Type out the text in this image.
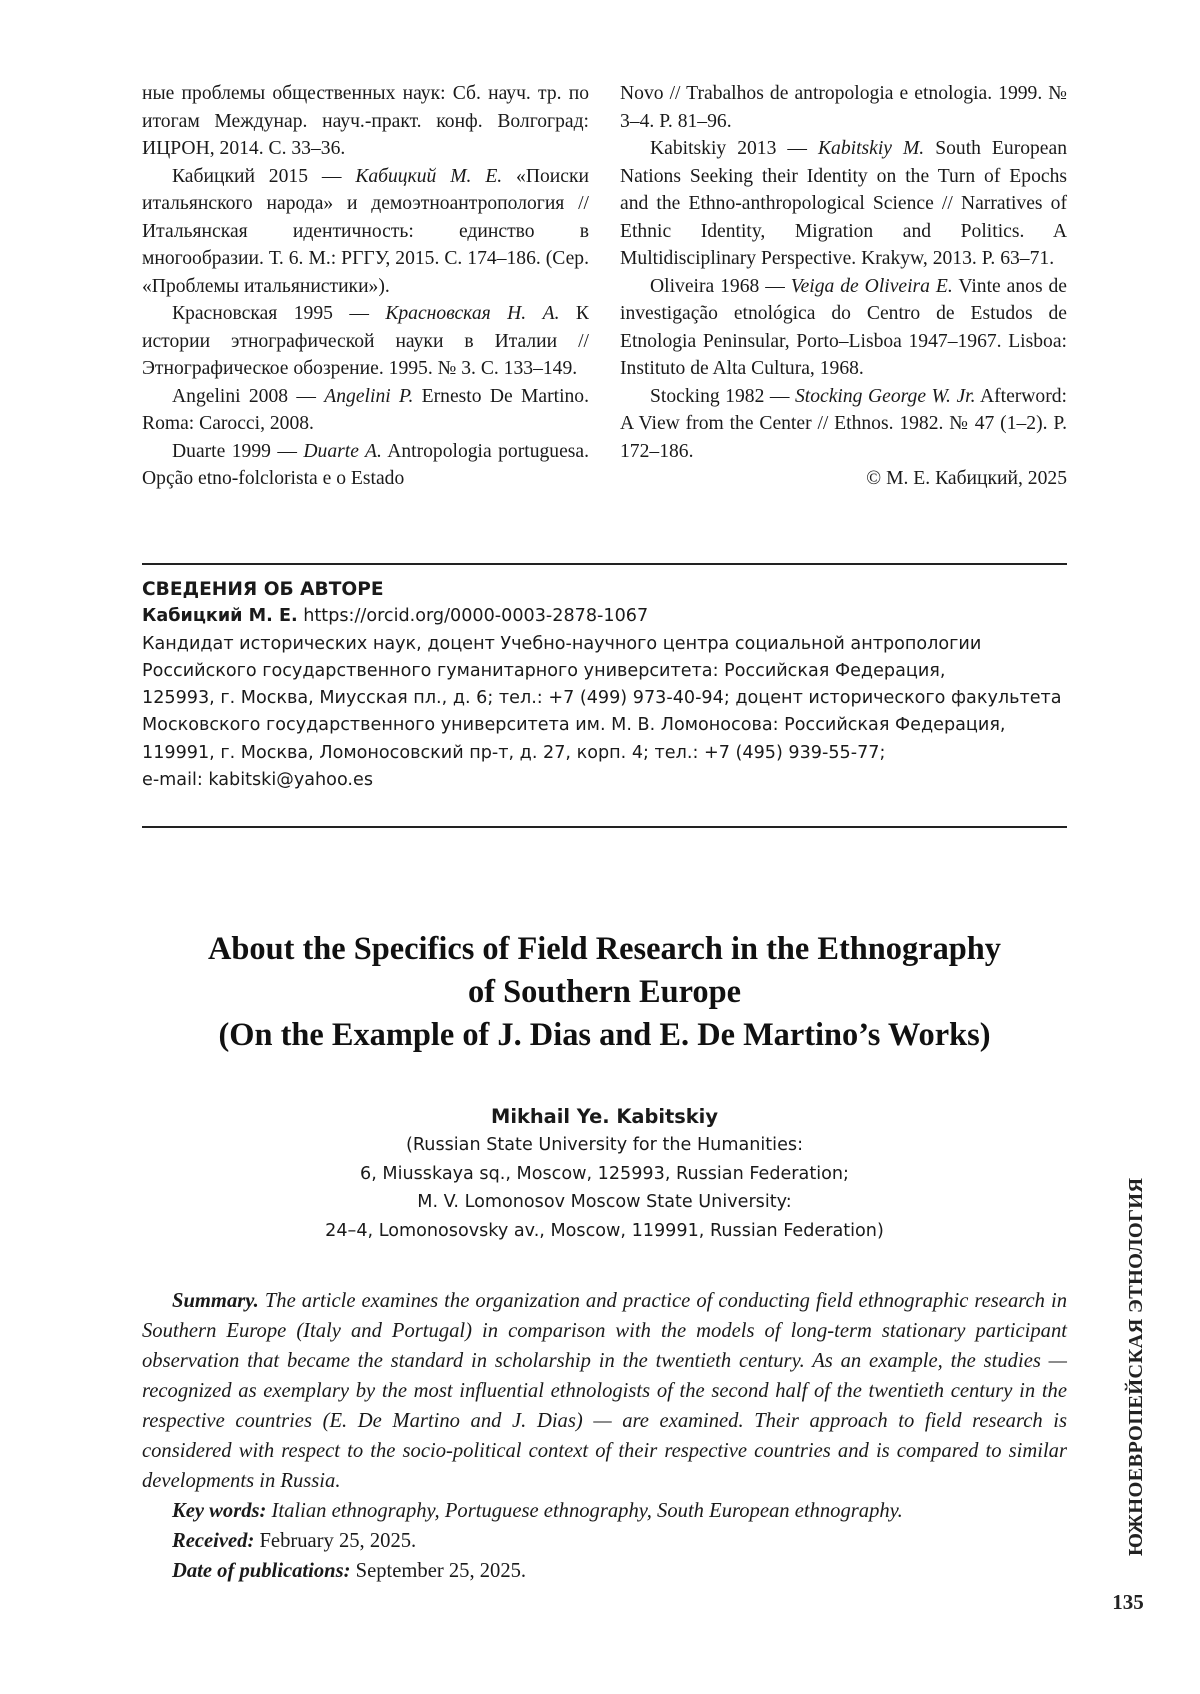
ные проблемы общественных наук: Сб. науч. тр. по итогам Междунар. науч.-практ. конф. Волгоград: ИЦРОН, 2014. С. 33–36.

Кабицкий 2015 — Кабицкий М. Е. «Поиски итальянского народа» и демоэтноантропология // Итальянская идентичность: единство в многообразии. Т. 6. М.: РГГУ, 2015. С. 174–186. (Сер. «Проблемы итальянистики»).

Красновская 1995 — Красновская Н. А. К истории этнографической науки в Италии // Этнографическое обозрение. 1995. № 3. С. 133–149.

Angelini 2008 — Angelini P. Ernesto De Martino. Roma: Carocci, 2008.

Duarte 1999 — Duarte A. Antropologia portuguesa. Opção etno-folclorista e o Estado

Novo // Trabalhos de antropologia e etnologia. 1999. № 3–4. P. 81–96.

Kabitskiy 2013 — Kabitskiy M. South European Nations Seeking their Identity on the Turn of Epochs and the Ethno-anthropological Science // Narratives of Ethnic Identity, Migration and Politics. A Multidisciplinary Perspective. Krakyw, 2013. P. 63–71.

Oliveira 1968 — Veiga de Oliveira E. Vinte anos de investigação etnológica do Centro de Estudos de Etnologia Peninsular, Porto–Lisboa 1947–1967. Lisboa: Instituto de Alta Cultura, 1968.

Stocking 1982 — Stocking George W. Jr. Afterword: A View from the Center // Ethnos. 1982. № 47 (1–2). P. 172–186.

© М. Е. Кабицкий, 2025

СВЕДЕНИЯ ОБ АВТОРЕ

Кабицкий М. Е. https://orcid.org/0000-0003-2878-1067

Кандидат исторических наук, доцент Учебно-научного центра социальной антропологии

Российского государственного гуманитарного университета: Российская Федерация,

125993, г. Москва, Миусская пл., д. 6; тел.: +7 (499) 973-40-94; доцент исторического факультета

Московского государственного университета им. М. В. Ломоносова: Российская Федерация,

119991, г. Москва, Ломоносовский пр-т, д. 27, корп. 4; тел.: +7 (495) 939-55-77;

e-mail: kabitski@yahoo.es

About the Specifics of Field Research in the Ethnography
of Southern Europe
(On the Example of J. Dias and E. De Martino’s Works)
Mikhail Ye. Kabitskiy
(Russian State University for the Humanities:
6, Miusskaya sq., Moscow, 125993, Russian Federation;
M. V. Lomonosov Moscow State University:
24–4, Lomonosovsky av., Moscow, 119991, Russian Federation)

Summary. The article examines the organization and practice of conducting field ethnographic research in Southern Europe (Italy and Portugal) in comparison with the models of long-term stationary participant observation that became the standard in scholarship in the twentieth century. As an example, the studies — recognized as exemplary by the most influential ethnologists of the second half of the twentieth century in the respective countries (E. De Martino and J. Dias) — are examined. Their approach to field research is considered with respect to the socio-political context of their respective countries and is compared to similar developments in Russia.

Key words: Italian ethnography, Portuguese ethnography, South European ethnography.

Received: February 25, 2025.

Date of publications: September 25, 2025.

ЮЖНОЕВРОПЕЙСКАЯ ЭТНОЛОГИЯ
135
